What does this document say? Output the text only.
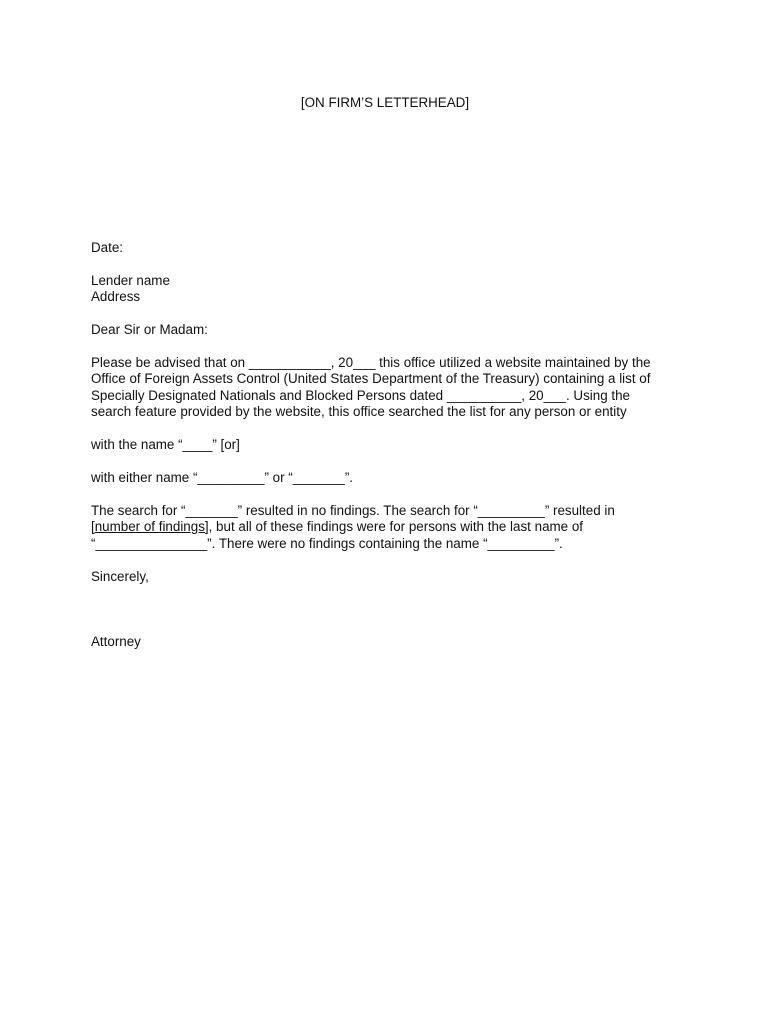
[ON FIRM’S LETTERHEAD]
Date:
Lender name
Address
Dear Sir or Madam:
Please be advised that on ___________, 20___ this office utilized a website maintained by the
Office of Foreign Assets Control (United States Department of the Treasury) containing a list of
Specially Designated Nationals and Blocked Persons dated __________, 20___. Using the
search feature provided by the website, this office searched the list for any person or entity
with the name “____” [or]
with either name “_________” or “_______”.
The search for “_______” resulted in no findings. The search for “_________” resulted in
[number of findings], but all of these findings were for persons with the last name of
“_______________”. There were no findings containing the name “_________”.
Sincerely,
Attorney
